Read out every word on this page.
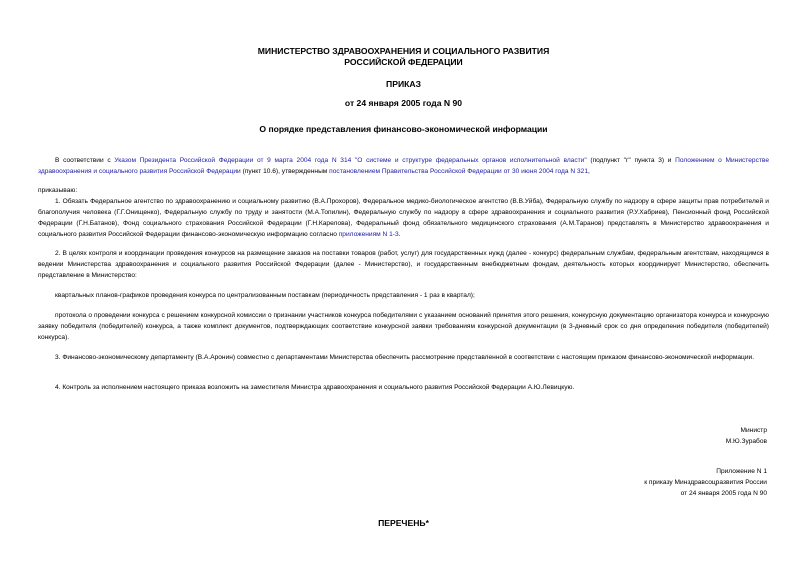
МИНИСТЕРСТВО ЗДРАВООХРАНЕНИЯ И СОЦИАЛЬНОГО РАЗВИТИЯ
РОССИЙСКОЙ ФЕДЕРАЦИИ
ПРИКАЗ
от 24 января 2005 года N 90
О порядке представления финансово-экономической информации
В соответствии с Указом Президента Российской Федерации от 9 марта 2004 года N 314 "О системе и структуре федеральных органов исполнительной власти" (подпункт "г" пункта 3) и Положением о Министерстве здравоохранения и социального развития Российской Федерации (пункт 10.6), утвержденным постановлением Правительства Российской Федерации от 30 июня 2004 года N 321,
приказываю:
1. Обязать Федеральное агентство по здравоохранению и социальному развитию (В.А.Прохоров), Федеральное медико-биологическое агентство (В.В.Уйба), Федеральную службу по надзору в сфере защиты прав потребителей и благополучия человека (Г.Г.Онищенко), Федеральную службу по труду и занятости (М.А.Топилин), Федеральную службу по надзору в сфере здравоохранения и социального развития (Р.У.Хабриев), Пенсионный фонд Российской Федерации (Г.Н.Батанов), Фонд социального страхования Российской Федерации (Г.Н.Карелова), Федеральный фонд обязательного медицинского страхования (А.М.Таранов) представлять в Министерство здравоохранения и социального развития Российской Федерации финансово-экономическую информацию согласно приложениям N 1-3.
2. В целях контроля и координации проведения конкурсов на размещение заказов на поставки товаров (работ, услуг) для государственных нужд (далее - конкурс) федеральным службам, федеральным агентствам, находящимся в ведении Министерства здравоохранения и социального развития Российской Федерации (далее - Министерство), и государственным внебюджетным фондам, деятельность которых координирует Министерство, обеспечить представление в Министерство:
квартальных планов-графиков проведения конкурса по централизованным поставкам (периодичность представления - 1 раз в квартал);
протокола о проведении конкурса с решением конкурсной комиссии о признании участников конкурса победителями с указанием оснований принятия этого решения, конкурсную документацию организатора конкурса и конкурсную заявку победителя (победителей) конкурса, а также комплект документов, подтверждающих соответствие конкурсной заявки требованиям конкурсной документации (в 3-дневный срок со дня определения победителя (победителей) конкурса).
3. Финансово-экономическому департаменту (В.А.Аронин) совместно с департаментами Министерства обеспечить рассмотрение представленной в соответствии с настоящим приказом финансово-экономической информации.
4. Контроль за исполнением настоящего приказа возложить на заместителя Министра здравоохранения и социального развития Российской Федерации А.Ю.Левицкую.
Министр
М.Ю.Зурабов
Приложение N 1
к приказу Минздравсоцразвития России
от 24 января 2005 года N 90
ПЕРЕЧЕНЬ*
